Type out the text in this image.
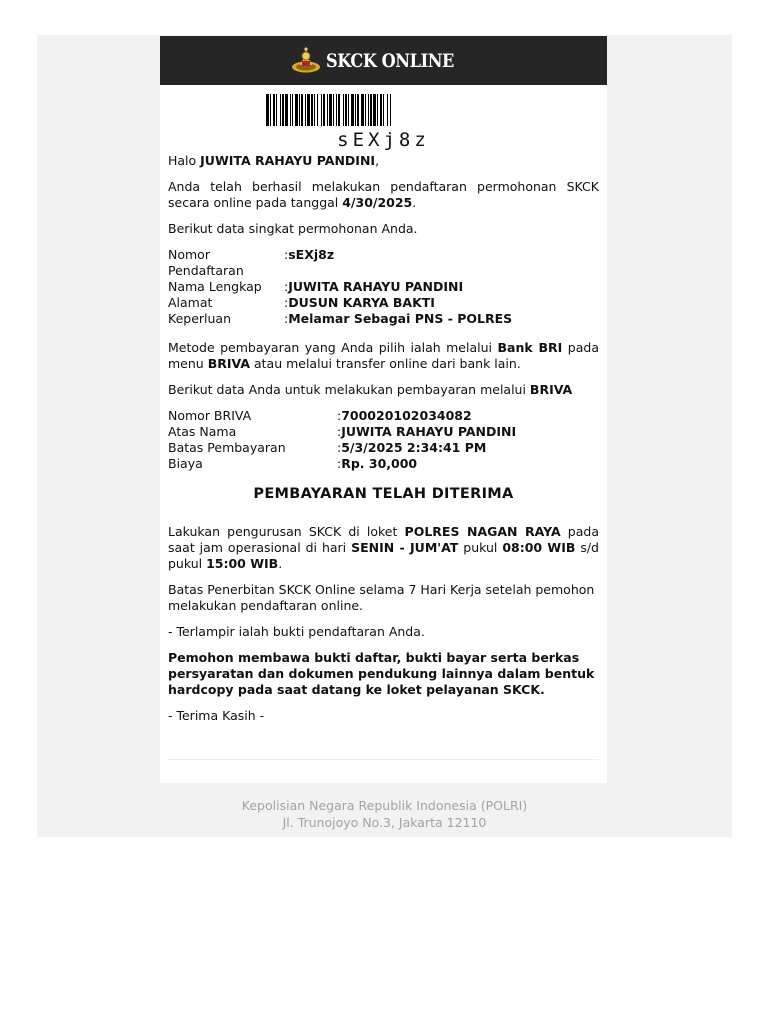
SKCK ONLINE
sEXj8z

Halo JUWITA RAHAYU PANDINI,

Anda telah berhasil melakukan pendaftaran permohonan SKCK secara online pada tanggal 4/30/2025.

Berikut data singkat permohonan Anda.

Nomor Pendaftaran
: sEXj8z
Nama Lengkap	: JUWITA RAHAYU PANDINI
Alamat	: DUSUN KARYA BAKTI
Keperluan	: Melamar Sebagai PNS - POLRES

Metode pembayaran yang Anda pilih ialah melalui Bank BRI pada menu BRIVA atau melalui transfer online dari bank lain.

Berikut data Anda untuk melakukan pembayaran melalui BRIVA

Nomor BRIVA	: 700020102034082
Atas Nama	: JUWITA RAHAYU PANDINI
Batas Pembayaran	: 5/3/2025 2:34:41 PM
Biaya	: Rp. 30,000
PEMBAYARAN TELAH DITERIMA

Lakukan pengurusan SKCK di loket POLRES NAGAN RAYA pada saat jam operasional di hari SENIN - JUM'AT pukul 08:00 WIB s/d pukul 15:00 WIB.

Batas Penerbitan SKCK Online selama 7 Hari Kerja setelah pemohon melakukan pendaftaran online.

- Terlampir ialah bukti pendaftaran Anda.

Pemohon membawa bukti daftar, bukti bayar serta berkas persyaratan dan dokumen pendukung lainnya dalam bentuk hardcopy pada saat datang ke loket pelayanan SKCK.

- Terima Kasih -

Kepolisian Negara Republik Indonesia (POLRI)
Jl. Trunojoyo No.3, Jakarta 12110
